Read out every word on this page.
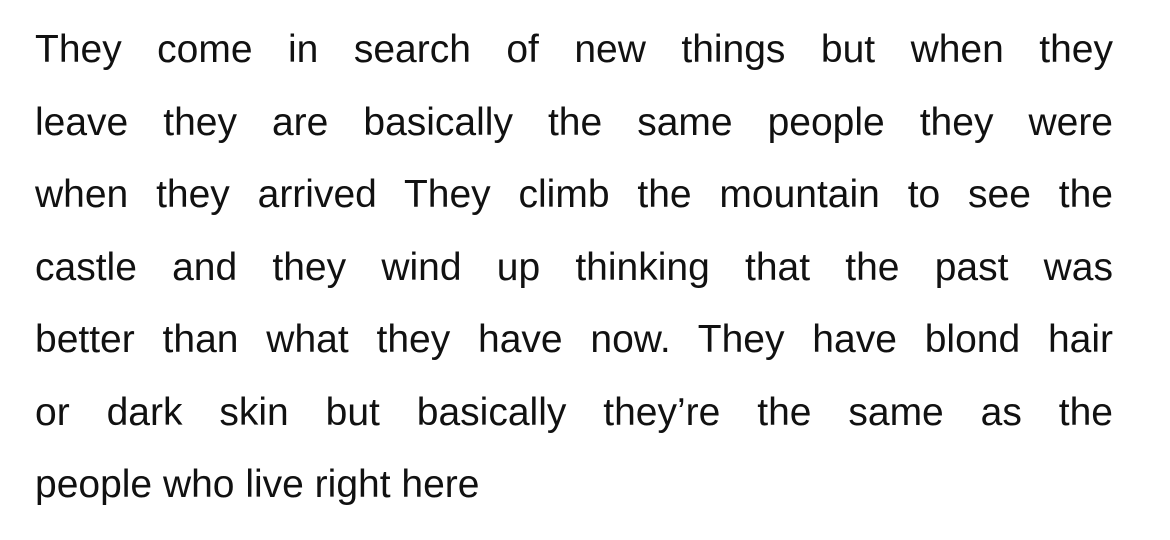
They come in search of new things but when they
leave they are basically the same people they were
when they arrived They climb the mountain to see the
castle and they wind up thinking that the past was
better than what they have now. They have blond hair
or dark skin but basically they’re the same as the
people who live right here
